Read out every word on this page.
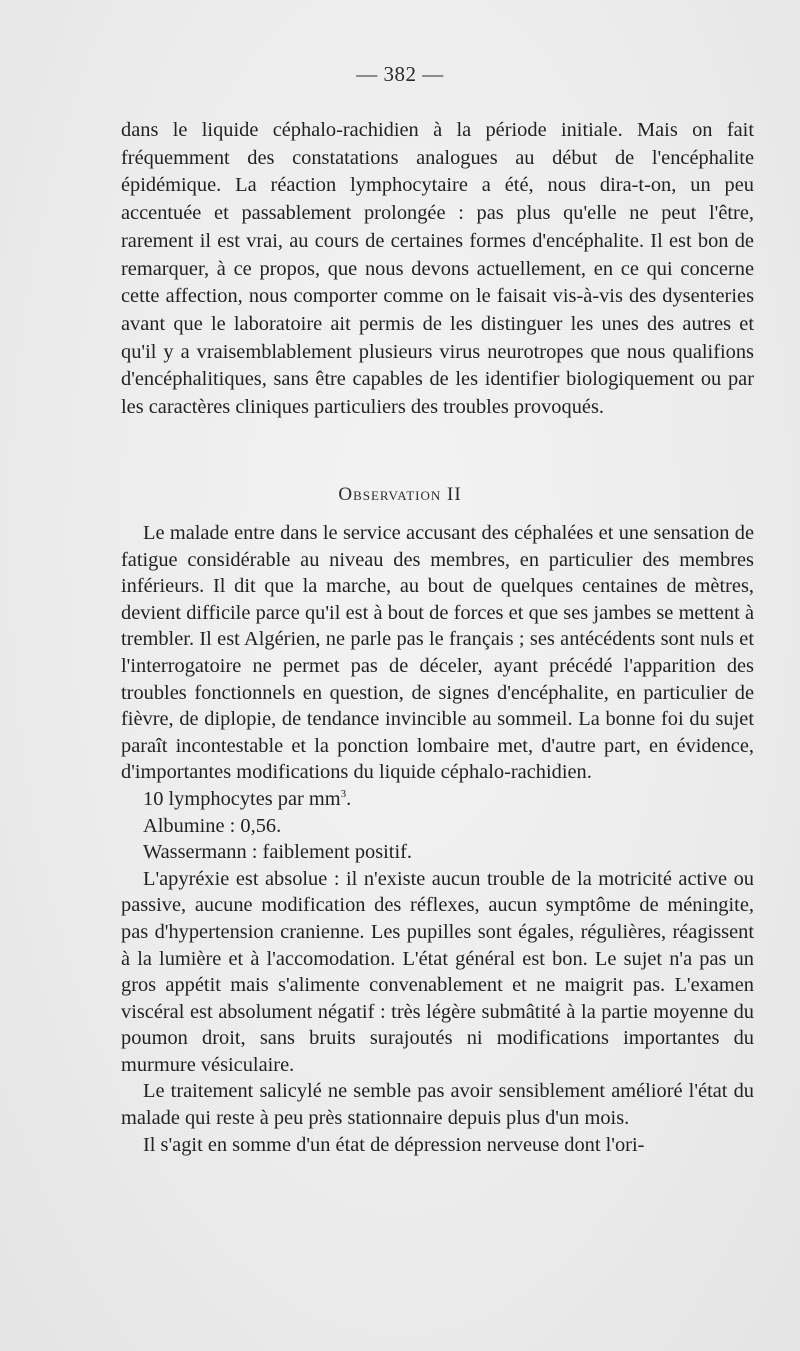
— 382 —

dans le liquide céphalo-rachidien à la période initiale. Mais on fait fréquemment des constatations analogues au début de l'encéphalite épidémique. La réaction lymphocytaire a été, nous dira-t-on, un peu accentuée et passablement prolongée : pas plus qu'elle ne peut l'être, rarement il est vrai, au cours de certaines formes d'encéphalite. Il est bon de remarquer, à ce propos, que nous devons actuellement, en ce qui concerne cette affection, nous comporter comme on le faisait vis-à-vis des dysenteries avant que le laboratoire ait permis de les distinguer les unes des autres et qu'il y a vraisemblablement plusieurs virus neurotropes que nous qualifions d'encéphalitiques, sans être capables de les identifier biologiquement ou par les caractères cliniques particuliers des troubles provoqués.

Observation II

Le malade entre dans le service accusant des céphalées et une sensation de fatigue considérable au niveau des membres, en particulier des membres inférieurs. Il dit que la marche, au bout de quelques centaines de mètres, devient difficile parce qu'il est à bout de forces et que ses jambes se mettent à trembler. Il est Algérien, ne parle pas le français ; ses antécédents sont nuls et l'interrogatoire ne permet pas de déceler, ayant précédé l'apparition des troubles fonctionnels en question, de signes d'encéphalite, en particulier de fièvre, de diplopie, de tendance invincible au sommeil. La bonne foi du sujet paraît incontestable et la ponction lombaire met, d'autre part, en évidence, d'importantes modifications du liquide céphalo-rachidien.

10 lymphocytes par $mm^3$.

Albumine : 0,56.

Wassermann : faiblement positif.

L'apyréxie est absolue : il n'existe aucun trouble de la motricité active ou passive, aucune modification des réflexes, aucun symptôme de méningite, pas d'hypertension cranienne. Les pupilles sont égales, régulières, réagissent à la lumière et à l'accomodation. L'état général est bon. Le sujet n'a pas un gros appétit mais s'alimente convenablement et ne maigrit pas. L'examen viscéral est absolument négatif : très légère submâtité à la partie moyenne du poumon droit, sans bruits surajoutés ni modifications importantes du murmure vésiculaire.

Le traitement salicylé ne semble pas avoir sensiblement amélioré l'état du malade qui reste à peu près stationnaire depuis plus d'un mois.

Il s'agit en somme d'un état de dépression nerveuse dont l'ori-
